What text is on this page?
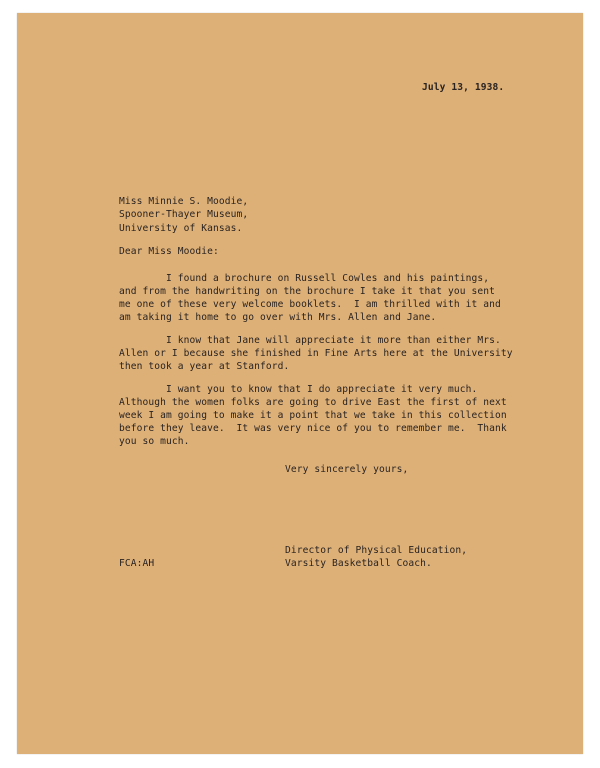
July 13, 1938.
Miss Minnie S. Moodie,
Spooner-Thayer Museum,
University of Kansas.
Dear Miss Moodie:
I found a brochure on Russell Cowles and his paintings,
and from the handwriting on the brochure I take it that you sent
me one of these very welcome booklets.  I am thrilled with it and
am taking it home to go over with Mrs. Allen and Jane.
I know that Jane will appreciate it more than either Mrs.
Allen or I because she finished in Fine Arts here at the University
then took a year at Stanford.
I want you to know that I do appreciate it very much.
Although the women folks are going to drive East the first of next
week I am going to make it a point that we take in this collection
before they leave.  It was very nice of you to remember me.  Thank
you so much.
Very sincerely yours,
Director of Physical Education,
Varsity Basketball Coach.
FCA:AH
